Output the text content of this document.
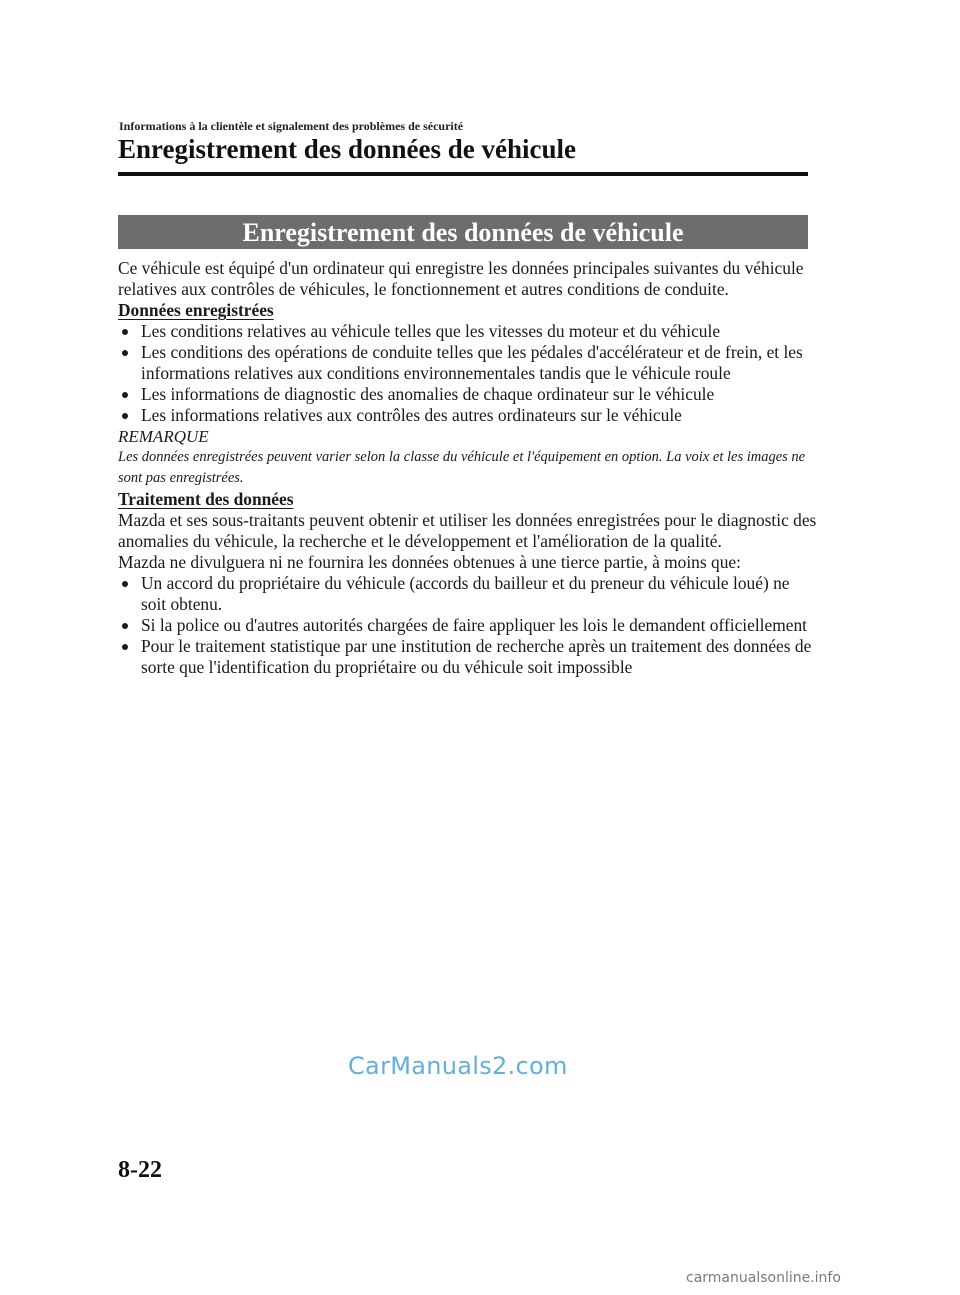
Informations à la clientèle et signalement des problèmes de sécurité
Enregistrement des données de véhicule
Enregistrement des données de véhicule

Ce véhicule est équipé d'un ordinateur qui enregistre les données principales suivantes du véhicule relatives aux contrôles de véhicules, le fonctionnement et autres conditions de conduite.

Données enregistrées

Les conditions relatives au véhicule telles que les vitesses du moteur et du véhicule
Les conditions des opérations de conduite telles que les pédales d'accélérateur et de frein, et les informations relatives aux conditions environnementales tandis que le véhicule roule
Les informations de diagnostic des anomalies de chaque ordinateur sur le véhicule
Les informations relatives aux contrôles des autres ordinateurs sur le véhicule

REMARQUE

Les données enregistrées peuvent varier selon la classe du véhicule et l'équipement en option. La voix et les images ne sont pas enregistrées.

Traitement des données

Mazda et ses sous-traitants peuvent obtenir et utiliser les données enregistrées pour le diagnostic des anomalies du véhicule, la recherche et le développement et l'amélioration de la qualité.

Mazda ne divulguera ni ne fournira les données obtenues à une tierce partie, à moins que:

Un accord du propriétaire du véhicule (accords du bailleur et du preneur du véhicule loué) ne soit obtenu.
Si la police ou d'autres autorités chargées de faire appliquer les lois le demandent officiellement
Pour le traitement statistique par une institution de recherche après un traitement des données de sorte que l'identification du propriétaire ou du véhicule soit impossible
CarManuals2.com
8-22
carmanualsonline.info
